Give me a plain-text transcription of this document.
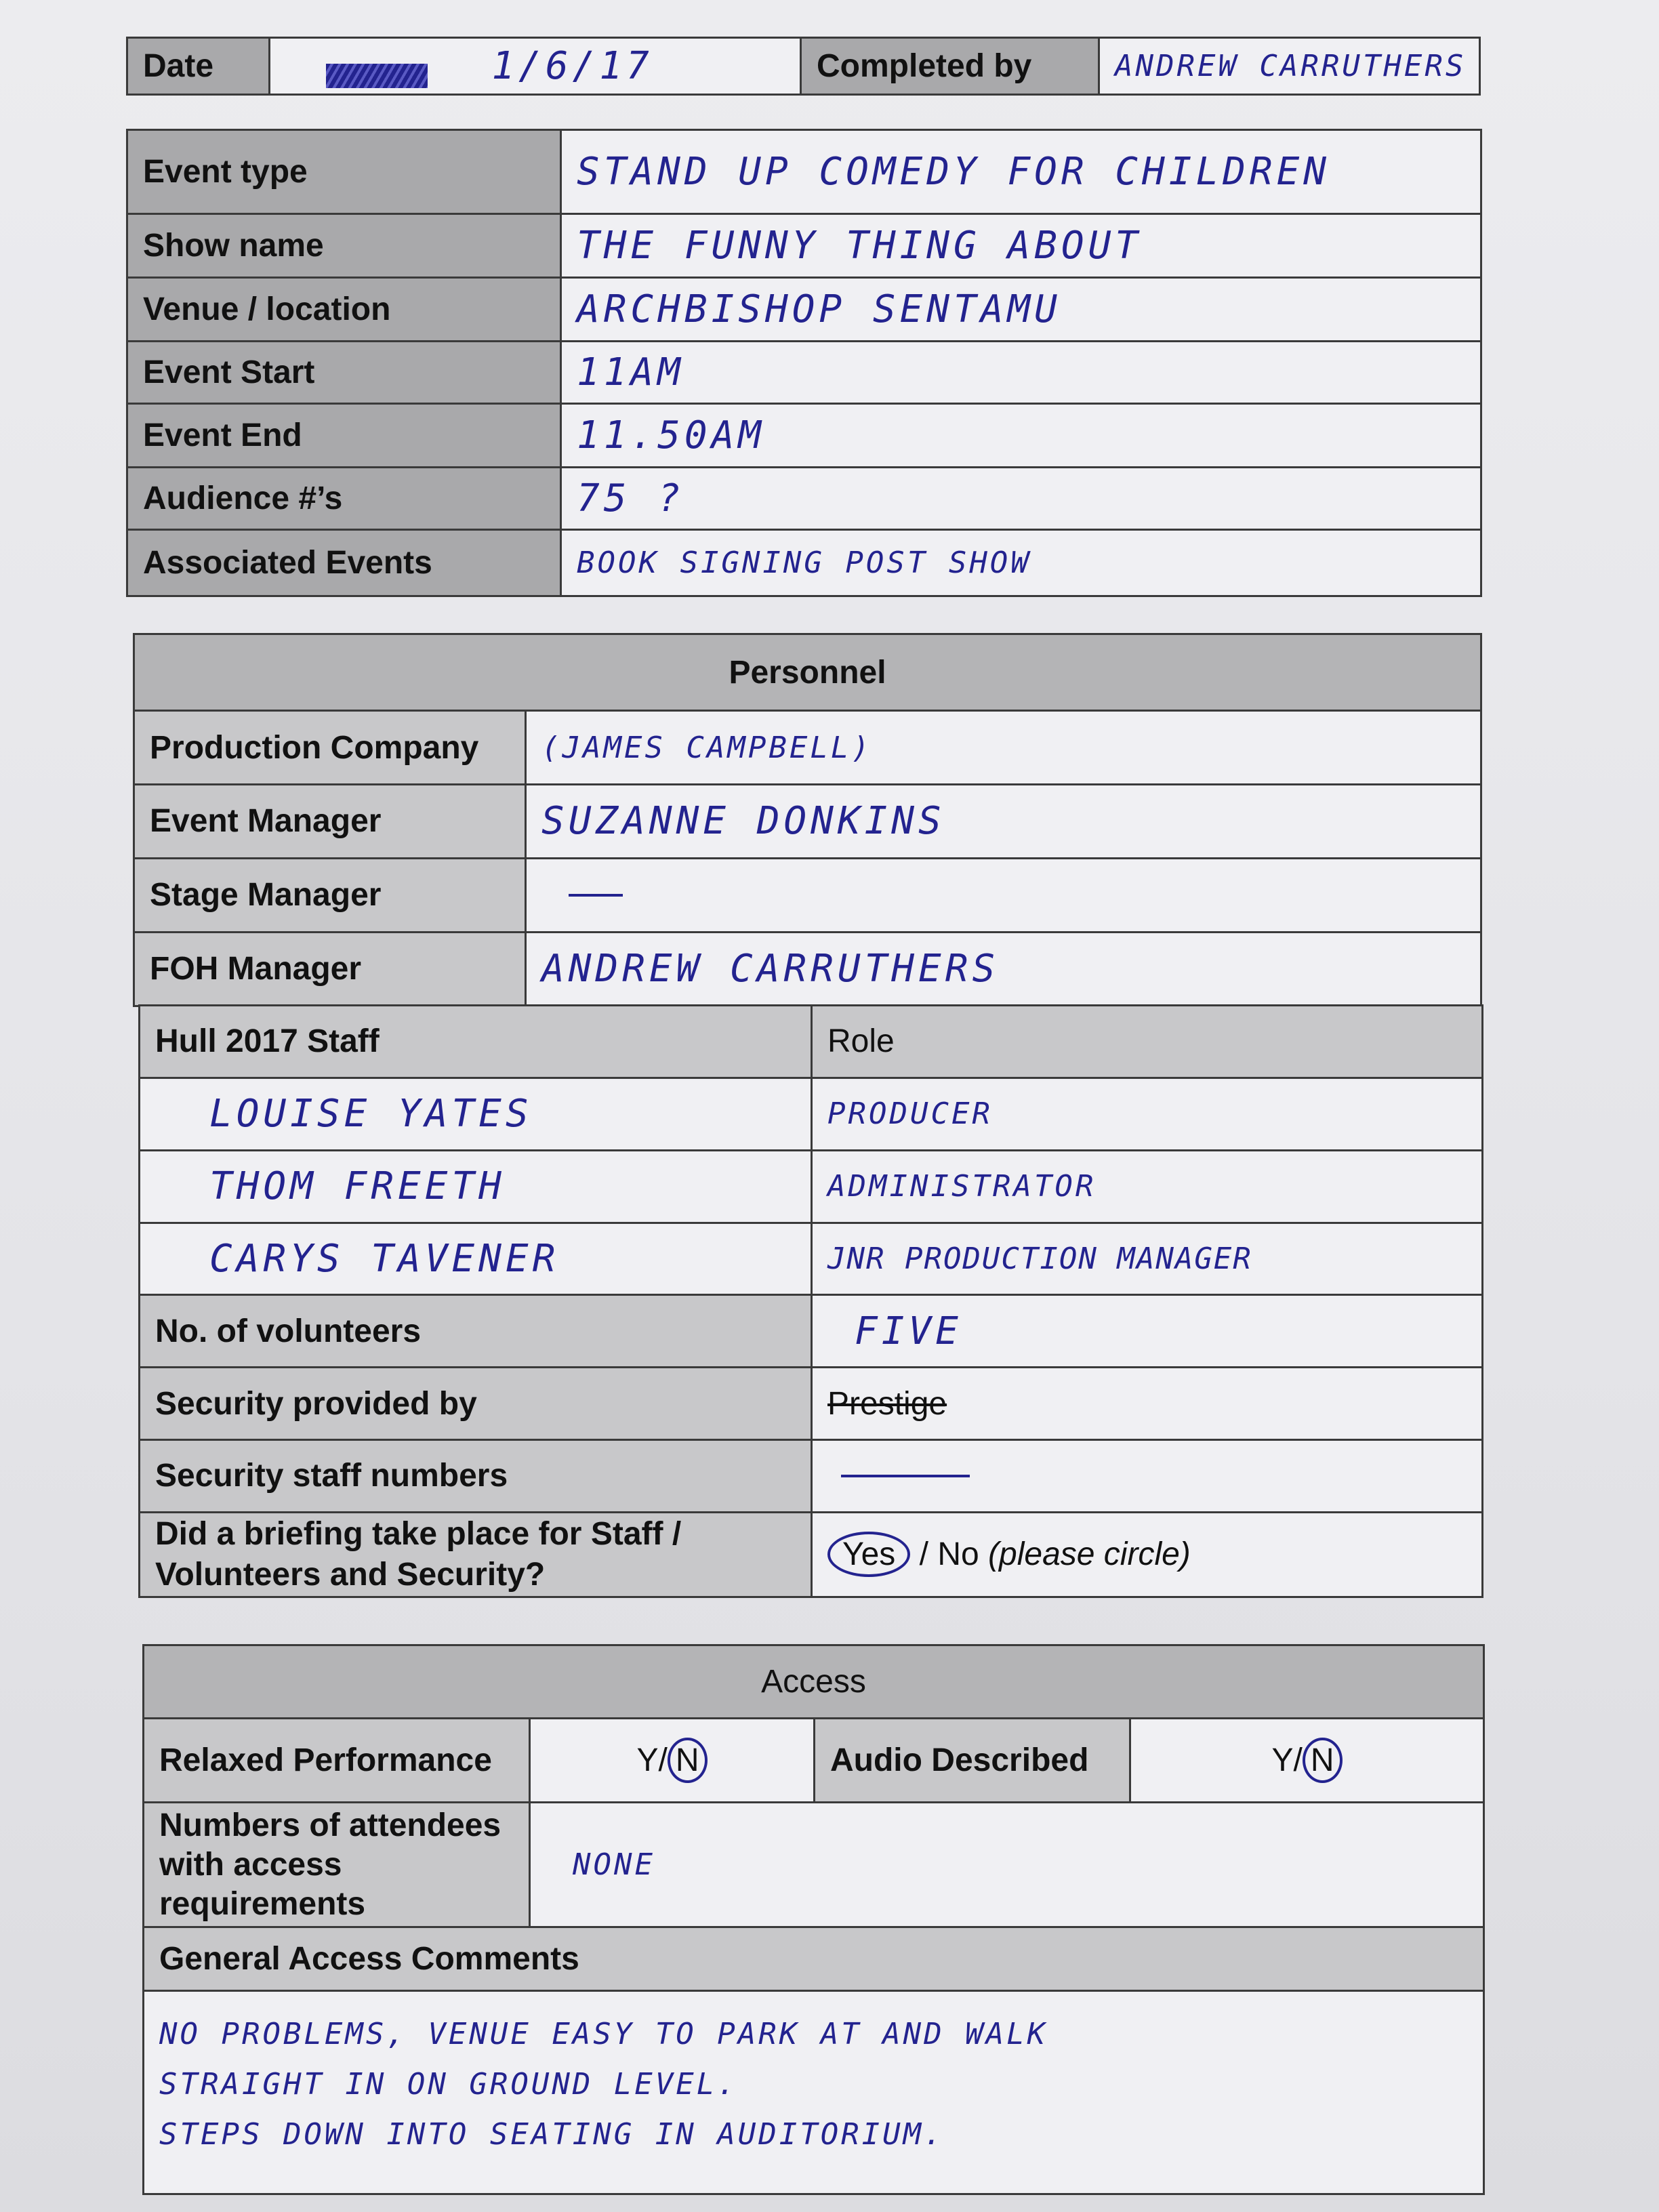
Date	1/6/17	Completed by	ANDREW CARRUTHERS
Event type	STAND UP COMEDY FOR CHILDREN
Show name	THE FUNNY THING ABOUT
Venue / location	ARCHBISHOP SENTAMU
Event Start	11AM
Event End	11.50AM
Audience #’s	75 ?
Associated Events	BOOK SIGNING POST SHOW
Personnel	
Production Company	(JAMES CAMPBELL)
Event Manager	SUZANNE DONKINS
Stage Manager	
FOH Manager	ANDREW CARRUTHERS
Hull 2017 Staff	Role
LOUISE YATES	PRODUCER
THOM FREETH	ADMINISTRATOR
CARYS TAVENER	JNR PRODUCTION MANAGER
No. of volunteers	FIVE
Security provided by	Prestige
Security staff numbers	
Did a briefing take place for Staff / Volunteers and Security?	Yes / No (please circle)
Access			
Relaxed Performance	Y/ N	Audio Described	Y/ N
Numbers of attendees with access requirements	NONE		
General Access Comments			

NO PROBLEMS, VENUE EASY TO PARK AT AND WALK
STRAIGHT IN ON GROUND LEVEL.
STEPS DOWN INTO SEATING IN AUDITORIUM.			
